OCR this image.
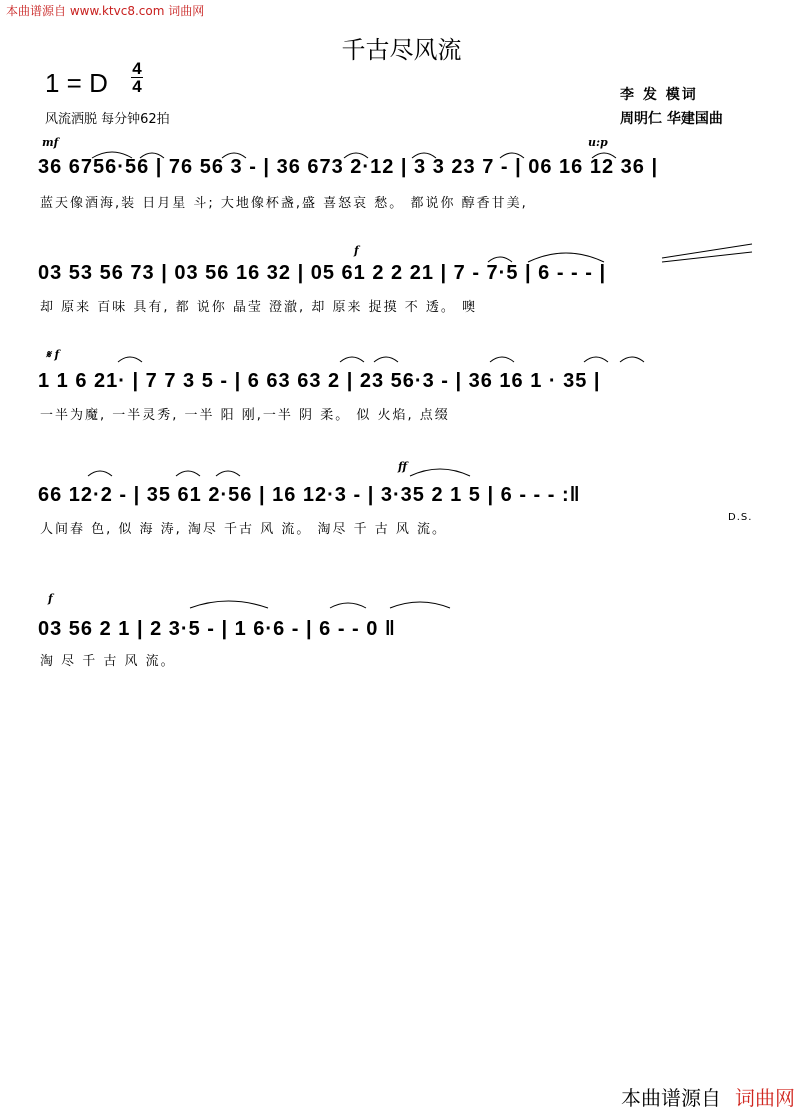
本曲谱源自 www.ktvc8.com 词曲网
千古尽风流
1 = D 4
4
风流洒脱 每分钟62拍
李 发 模词
周明仁 华建国曲
mf	u:p
36 6756·56 | 76 56 3 - | 36 673 2·12 | 3 3 23 7 - | 06 16 12 36 |
蓝天像酒海,装 日月星 斗; 大地像杯盏,盛 喜怒哀 愁。 都说你 醇香甘美,
f
03 53 56 73 | 03 56 16 32 | 05 61 2 2 21 | 7 - 7·5 | 6 - - - |
却 原来 百味 具有, 都 说你 晶莹 澄澈, 却 原来 捉摸 不 透。 噢
𝄋 f
1 1 6 21· | 7 7 3 5 - | 6 63 63 2 | 23 56·3 - | 36 16 1 · 35 |
一半为魔, 一半灵秀, 一半 阳 刚,一半 阴 柔。 似 火焰, 点缀
ff
66 12·2 - | 35 61 2·56 | 16 12·3 - | 3·35 2 1 5 | 6 - - - :‖
人间春 色, 似 海 涛, 淘尽 千古 风 流。 淘尽 千 古 风 流。
D.S.
f
03 56 2 1 | 2 3·5 - | 1 6·6 - | 6 - - 0 ‖
淘 尽 千 古 风 流。
本曲谱源自 词曲网
